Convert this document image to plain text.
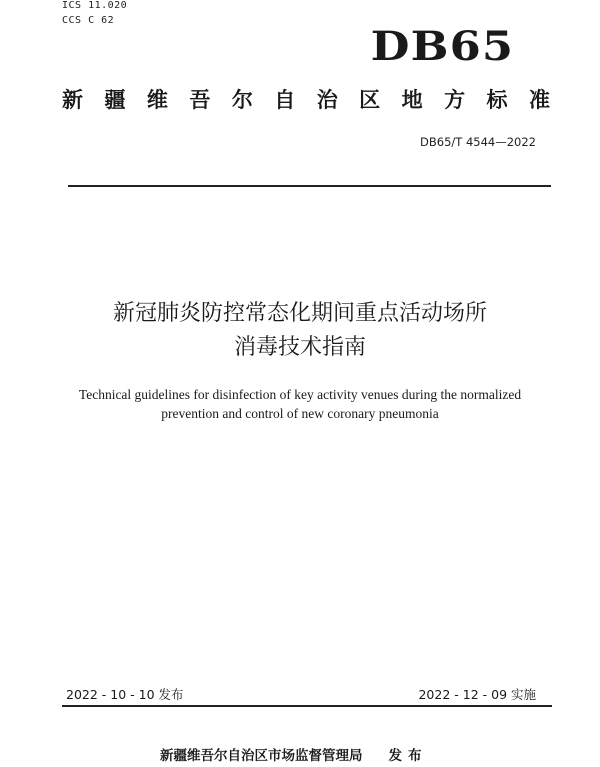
ICS 11.020
CCS C 62
DB65
新 疆 维 吾 尔 自 治 区 地 方 标 准
DB65/T 4544—2022
新冠肺炎防控常态化期间重点活动场所
消毒技术指南
Technical guidelines for disinfection of key activity venues during the normalized
prevention and control of new coronary pneumonia
2022 - 10 - 10 发布	2022 - 12 - 09 实施
新疆维吾尔自治区市场监督管理局 发布
